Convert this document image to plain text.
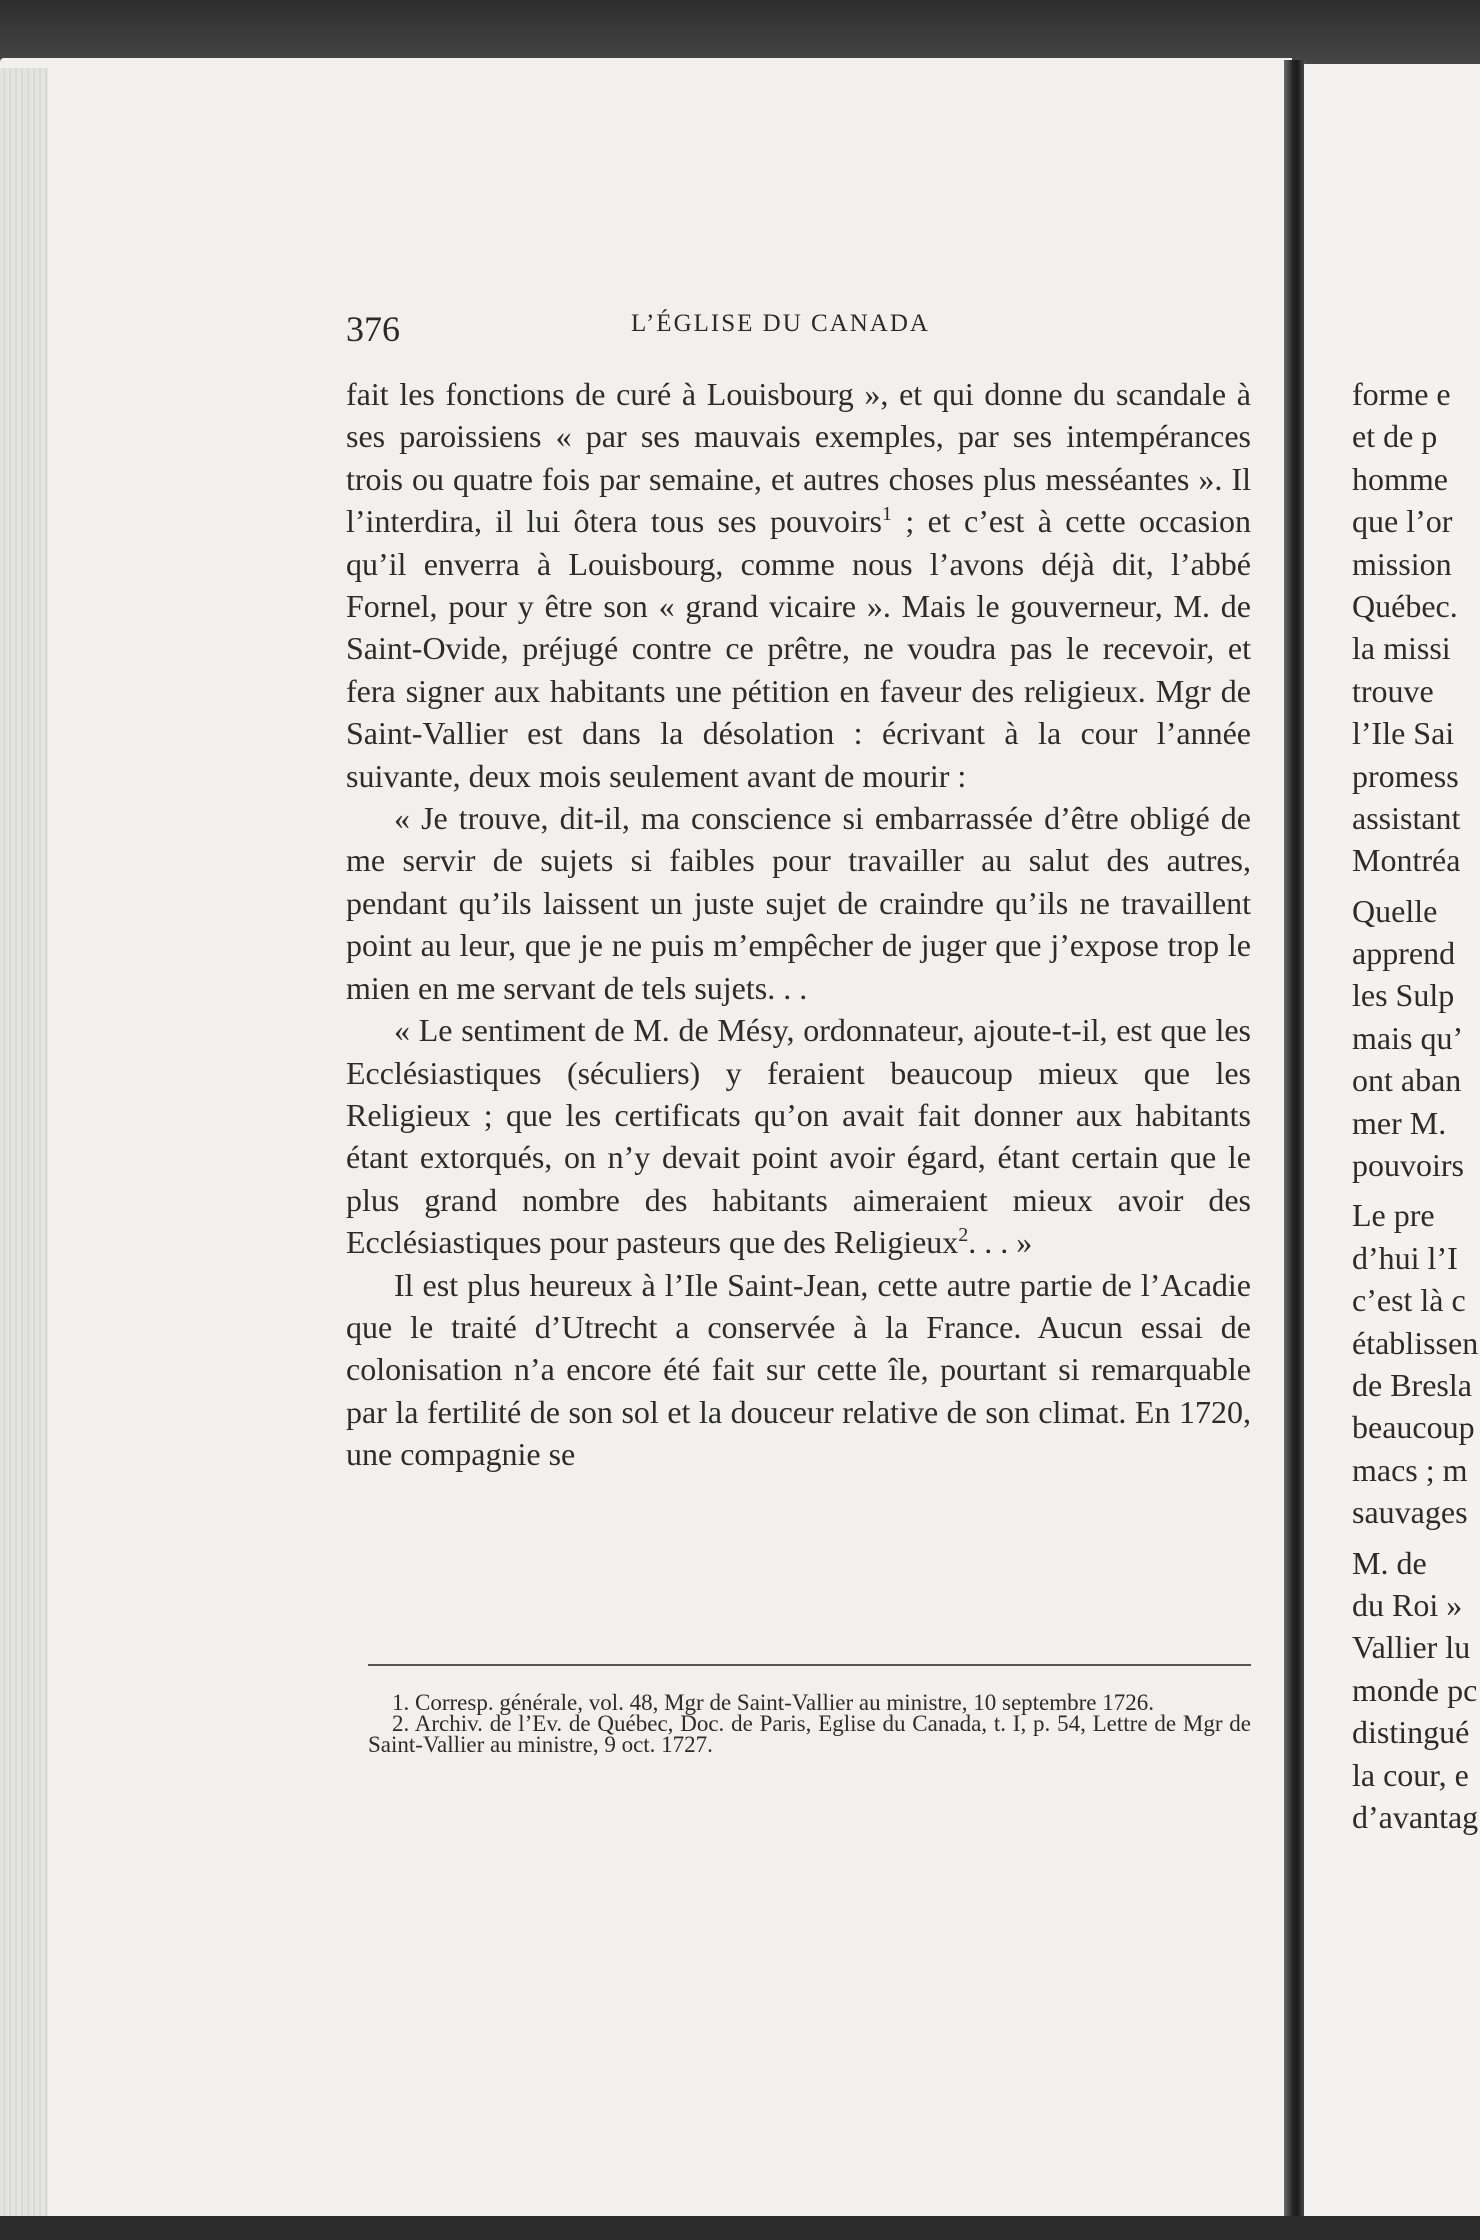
376	L’ÉGLISE DU CANADA

fait les fonctions de curé à Louisbourg », et qui donne du scandale à ses paroissiens « par ses mauvais exemples, par ses intempérances trois ou quatre fois par semaine, et autres choses plus messéantes ». Il l’interdira, il lui ôtera tous ses pouvoirs$^1$ ; et c’est à cette occasion qu’il enverra à Louisbourg, comme nous l’avons déjà dit, l’abbé Fornel, pour y être son « grand vicaire ». Mais le gouverneur, M. de Saint-Ovide, préjugé contre ce prêtre, ne voudra pas le recevoir, et fera signer aux habitants une pétition en faveur des religieux. Mgr de Saint-Vallier est dans la désolation : écrivant à la cour l’année suivante, deux mois seulement avant de mourir :

« Je trouve, dit-il, ma conscience si embarrassée d’être obligé de me servir de sujets si faibles pour travailler au salut des autres, pendant qu’ils laissent un juste sujet de craindre qu’ils ne travaillent point au leur, que je ne puis m’empêcher de juger que j’expose trop le mien en me servant de tels sujets. . .

« Le sentiment de M. de Mésy, ordonnateur, ajoute-t-il, est que les Ecclésiastiques (séculiers) y feraient beaucoup mieux que les Religieux ; que les certificats qu’on avait fait donner aux habitants étant extorqués, on n’y devait point avoir égard, étant certain que le plus grand nombre des habitants aimeraient mieux avoir des Ecclésiastiques pour pasteurs que des Religieux$^2$. . . »

Il est plus heureux à l’Ile Saint-Jean, cette autre partie de l’Acadie que le traité d’Utrecht a conservée à la France. Aucun essai de colonisation n’a encore été fait sur cette île, pourtant si remarquable par la fertilité de son sol et la douceur relative de son climat. En 1720, une compagnie se

1. Corresp. générale, vol. 48, Mgr de Saint-Vallier au ministre, 10 septembre 1726.

2. Archiv. de l’Ev. de Québec, Doc. de Paris, Eglise du Canada, t. I, p. 54, Lettre de Mgr de Saint-Vallier au ministre, 9 oct. 1727.

forme e
et de p
homme
que l’or
mission
Québec.
la missi
trouve
l’Ile Sai
promess
assistant
Montréa
Quelle
apprend
les Sulp
mais qu’
ont aban
mer M.
pouvoirs
Le pre
d’hui l’I
c’est là c
établissen
de Bresla
beaucoup
macs ; m
sauvages
M. de
du Roi »
Vallier lu
monde pc
distingué
la cour, e
d’avantag
